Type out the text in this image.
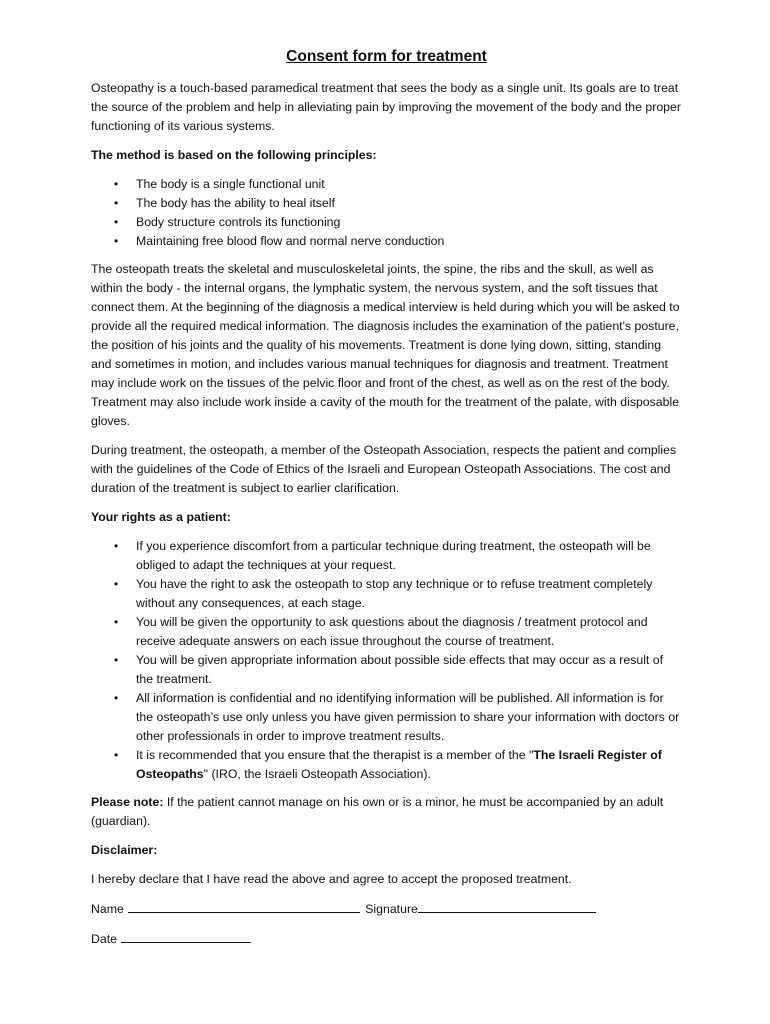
Consent form for treatment

Osteopathy is a touch-based paramedical treatment that sees the body as a single unit. Its goals are to treat the source of the problem and help in alleviating pain by improving the movement of the body and the proper functioning of its various systems.

The method is based on the following principles:

• The body is a single functional unit
• The body has the ability to heal itself
• Body structure controls its functioning
• Maintaining free blood flow and normal nerve conduction

The osteopath treats the skeletal and musculoskeletal joints, the spine, the ribs and the skull, as well as within the body - the internal organs, the lymphatic system, the nervous system, and the soft tissues that connect them. At the beginning of the diagnosis a medical interview is held during which you will be asked to provide all the required medical information. The diagnosis includes the examination of the patient's posture, the position of his joints and the quality of his movements. Treatment is done lying down, sitting, standing and sometimes in motion, and includes various manual techniques for diagnosis and treatment. Treatment may include work on the tissues of the pelvic floor and front of the chest, as well as on the rest of the body. Treatment may also include work inside a cavity of the mouth for the treatment of the palate, with disposable gloves.

During treatment, the osteopath, a member of the Osteopath Association, respects the patient and complies with the guidelines of the Code of Ethics of the Israeli and European Osteopath Associations. The cost and duration of the treatment is subject to earlier clarification.

Your rights as a patient:

• If you experience discomfort from a particular technique during treatment, the osteopath will be obliged to adapt the techniques at your request.
• You have the right to ask the osteopath to stop any technique or to refuse treatment completely without any consequences, at each stage.
• You will be given the opportunity to ask questions about the diagnosis / treatment protocol and receive adequate answers on each issue throughout the course of treatment.
• You will be given appropriate information about possible side effects that may occur as a result of the treatment.
• All information is confidential and no identifying information will be published. All information is for the osteopath’s use only unless you have given permission to share your information with doctors or other professionals in order to improve treatment results.
• It is recommended that you ensure that the therapist is a member of the "The Israeli Register of Osteopaths" (IRO, the Israeli Osteopath Association).

Please note: If the patient cannot manage on his own or is a minor, he must be accompanied by an adult (guardian).

Disclaimer:

I hereby declare that I have read the above and agree to accept the proposed treatment.

Name	Signature
Date
